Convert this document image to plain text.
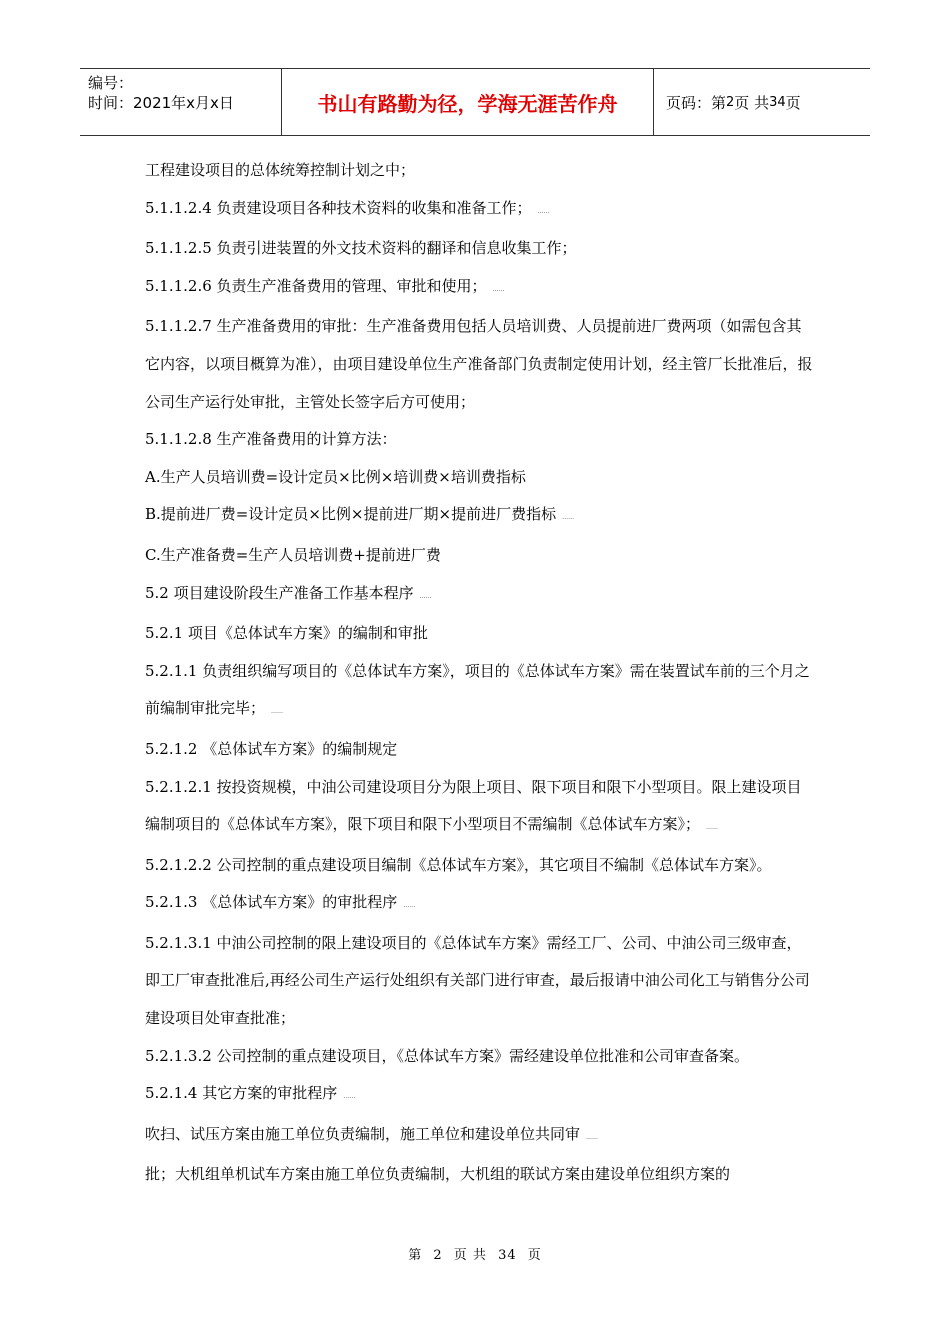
编号：
时间：2021年x月x日	书山有路勤为径，学海无涯苦作舟	页码：第 2 页 共 34 页

工程建设项目的总体统筹控制计划之中；

5.1.1.2.4 负责建设项目各种技术资料的收集和准备工作； ……

5.1.1.2.5 负责引进装置的外文技术资料的翻译和信息收集工作；

5.1.1.2.6 负责生产准备费用的管理、审批和使用； ……

5.1.1.2.7 生产准备费用的审批：生产准备费用包括人员培训费、人员提前进厂费两项（如需包含其它内容，以项目概算为准），由项目建设单位生产准备部门负责制定使用计划，经主管厂长批准后，报公司生产运行处审批，主管处长签字后方可使用；

5.1.1.2.8 生产准备费用的计算方法：

A.生产人员培训费=设计定员×比例×培训费×培训费指标

B.提前进厂费=设计定员×比例×提前进厂期×提前进厂费指标 ……

C.生产准备费=生产人员培训费+提前进厂费

5.2 项目建设阶段生产准备工作基本程序 ……

5.2.1 项目《总体试车方案》的编制和审批

5.2.1.1 负责组织编写项目的《总体试车方案》，项目的《总体试车方案》需在装置试车前的三个月之前编制审批完毕； ……

5.2.1.2 《总体试车方案》的编制规定

5.2.1.2.1 按投资规模，中油公司建设项目分为限上项目、限下项目和限下小型项目。限上建设项目编制项目的《总体试车方案》，限下项目和限下小型项目不需编制《总体试车方案》； ……

5.2.1.2.2 公司控制的重点建设项目编制《总体试车方案》，其它项目不编制《总体试车方案》。

5.2.1.3 《总体试车方案》的审批程序 ……

5.2.1.3.1 中油公司控制的限上建设项目的《总体试车方案》需经工厂、公司、中油公司三级审查，即工厂审查批准后,再经公司生产运行处组织有关部门进行审查，最后报请中油公司化工与销售分公司建设项目处审查批准；

5.2.1.3.2 公司控制的重点建设项目，《总体试车方案》需经建设单位批准和公司审查备案。

5.2.1.4 其它方案的审批程序 ……

吹扫、试压方案由施工单位负责编制，施工单位和建设单位共同审 ……

批；大机组单机试车方案由施工单位负责编制，大机组的联试方案由建设单位组织方案的

第 2 页 共 34 页
